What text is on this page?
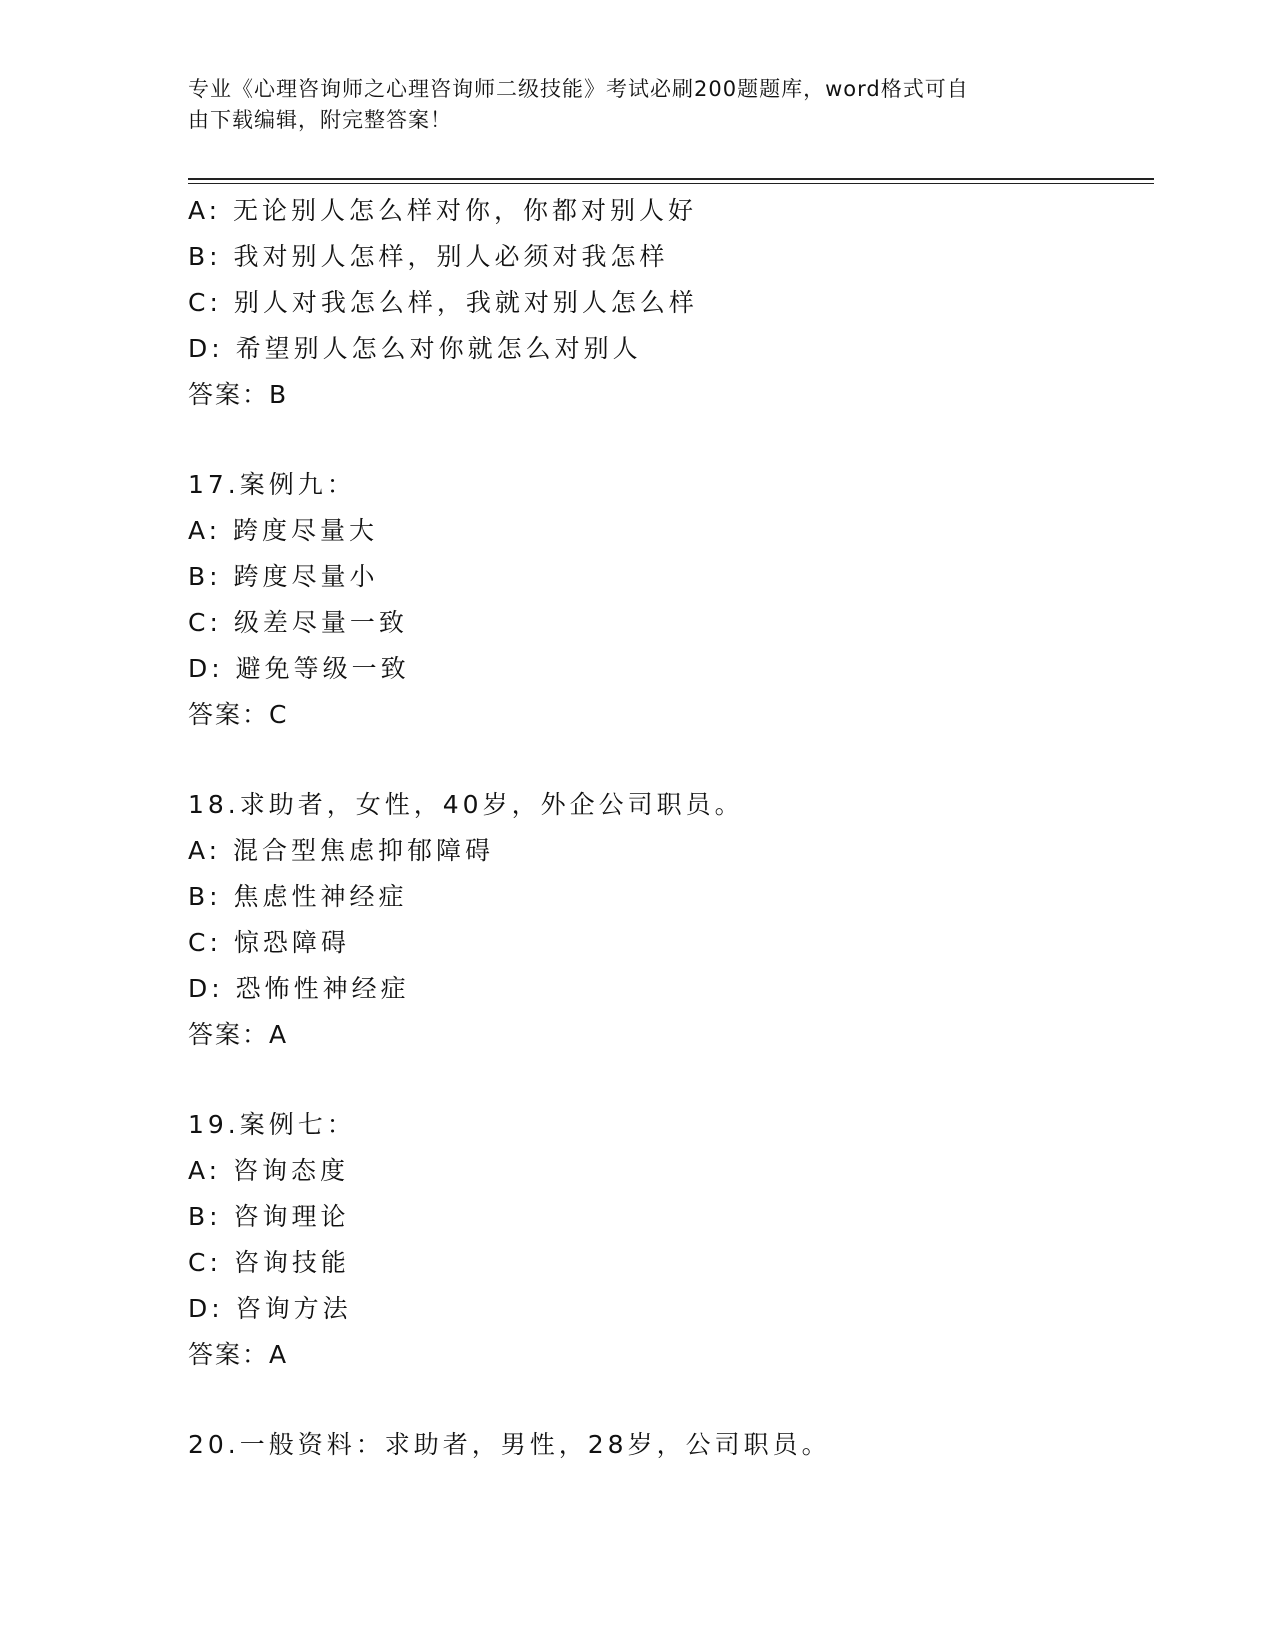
专业《心理咨询师之心理咨询师二级技能》考试必刷200题题库，word格式可自
由下载编辑，附完整答案！
A: 无论别人怎么样对你，你都对别人好
B: 我对别人怎样，别人必须对我怎样
C: 别人对我怎么样，我就对别人怎么样
D: 希望别人怎么对你就怎么对别人
答案：B
17.案例九：
A: 跨度尽量大
B: 跨度尽量小
C: 级差尽量一致
D: 避免等级一致
答案：C
18.求助者，女性，40岁，外企公司职员。
A: 混合型焦虑抑郁障碍
B: 焦虑性神经症
C: 惊恐障碍
D: 恐怖性神经症
答案：A
19.案例七：
A: 咨询态度
B: 咨询理论
C: 咨询技能
D: 咨询方法
答案：A
20.一般资料：求助者，男性，28岁，公司职员。
